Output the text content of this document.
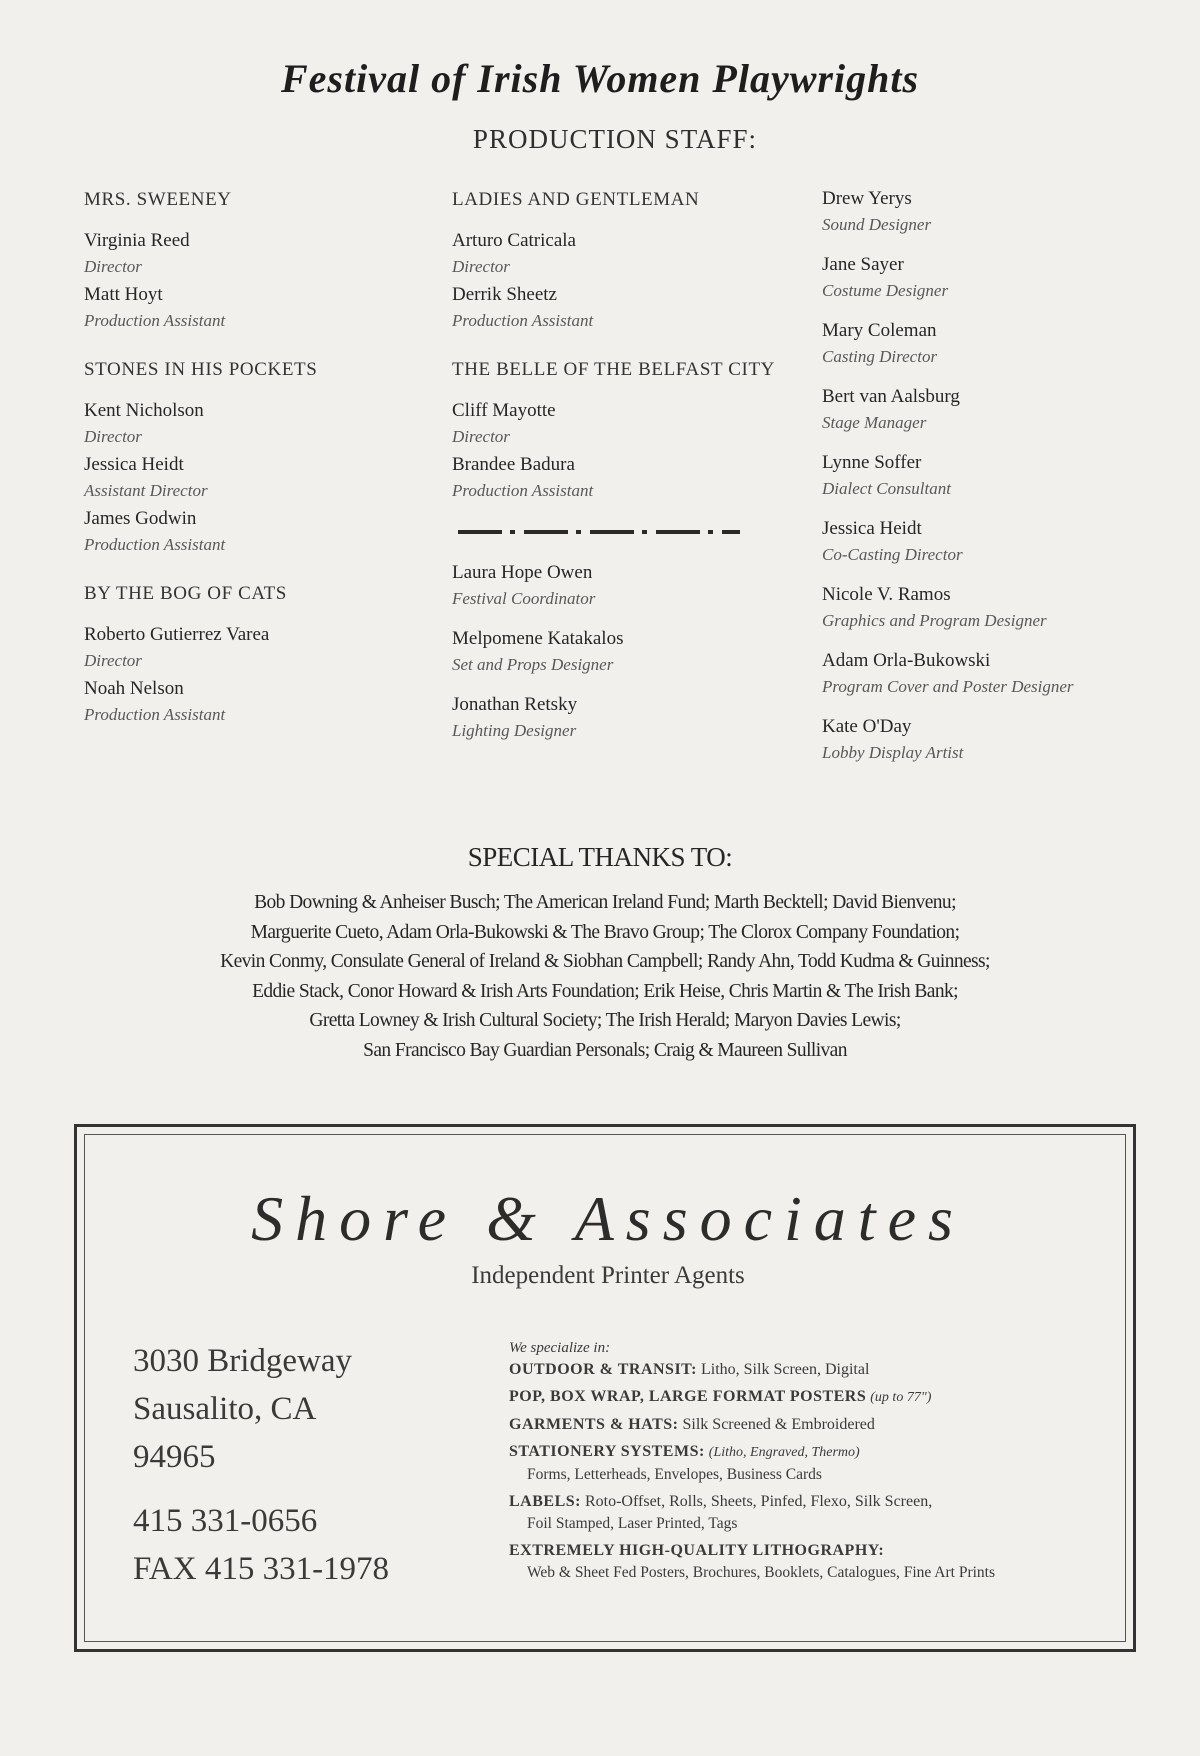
Festival of Irish Women Playwrights
PRODUCTION STAFF:
MRS. SWEENEY
Virginia Reed
Director
Matt Hoyt
Production Assistant
STONES IN HIS POCKETS
Kent Nicholson
Director
Jessica Heidt
Assistant Director
James Godwin
Production Assistant
BY THE BOG OF CATS
Roberto Gutierrez Varea
Director
Noah Nelson
Production Assistant
LADIES AND GENTLEMAN
Arturo Catricala
Director
Derrik Sheetz
Production Assistant
THE BELLE OF THE BELFAST CITY
Cliff Mayotte
Director
Brandee Badura
Production Assistant
Laura Hope Owen
Festival Coordinator
Melpomene Katakalos
Set and Props Designer
Jonathan Retsky
Lighting Designer
Drew Yerys
Sound Designer
Jane Sayer
Costume Designer
Mary Coleman
Casting Director
Bert van Aalsburg
Stage Manager
Lynne Soffer
Dialect Consultant
Jessica Heidt
Co-Casting Director
Nicole V. Ramos
Graphics and Program Designer
Adam Orla-Bukowski
Program Cover and Poster Designer
Kate O'Day
Lobby Display Artist
SPECIAL THANKS TO:
Bob Downing & Anheiser Busch; The American Ireland Fund; Marth Becktell; David Bienvenu;
Marguerite Cueto, Adam Orla-Bukowski & The Bravo Group; The Clorox Company Foundation;
Kevin Conmy, Consulate General of Ireland & Siobhan Campbell; Randy Ahn, Todd Kudma & Guinness;
Eddie Stack, Conor Howard & Irish Arts Foundation; Erik Heise, Chris Martin & The Irish Bank;
Gretta Lowney & Irish Cultural Society; The Irish Herald; Maryon Davies Lewis;
San Francisco Bay Guardian Personals; Craig & Maureen Sullivan
Shore & Associates
Independent Printer Agents
3030 Bridgeway
Sausalito, CA
94965
415 331-0656
FAX 415 331-1978
We specialize in:
OUTDOOR & TRANSIT: Litho, Silk Screen, Digital
POP, BOX WRAP, LARGE FORMAT POSTERS (up to 77")
GARMENTS & HATS: Silk Screened & Embroidered
STATIONERY SYSTEMS: (Litho, Engraved, Thermo)
Forms, Letterheads, Envelopes, Business Cards
LABELS: Roto-Offset, Rolls, Sheets, Pinfed, Flexo, Silk Screen,
Foil Stamped, Laser Printed, Tags
EXTREMELY HIGH-QUALITY LITHOGRAPHY:
Web & Sheet Fed Posters, Brochures, Booklets, Catalogues, Fine Art Prints
